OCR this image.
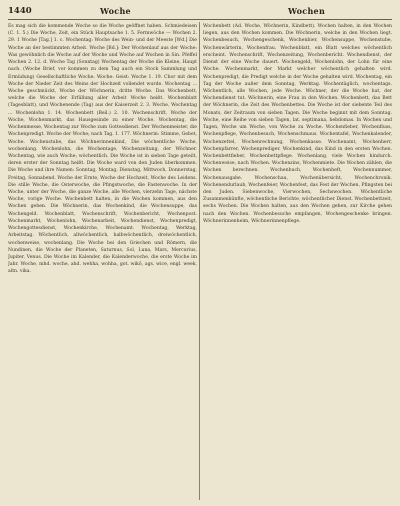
1440	Woche	Wochen

Es mag sich die kommende Woche so die Woche geöffnet haben. Schmiedeisen (C. 1. 5.) Die Woche, Zeit, ein Stück Hauptsache 1. 5. Fermwöche — Wochen 2. 29. 1 Woche [Tag.] 1. c. Wochentag: Woche des Wein- und der Meeste [Wd.] Die Woche an der bestimmten Arbeit. Woche [Bd.]: Der Wochenlauf aus der Woche: Was gewöhnlich die Woche auf der Woche und Woche auf Wochen in Sin. Pfeffel Wochen 2. 12. d. Woche Tag (Sonntag) Wochentag der Woche die Kleine, Haupt nach. (Woche Brief, vor kommen zu dem Tag auch ein Stock Sammlung und Ermüdung) Gesellschaftliche Woche. Woche: Geist: Woche 1. 19. Chor mit dem Woche der Nieder Zeit des Weins der Hochzeit vollendet wurde. Wochentag ... Woche geschmückt, Woche der Wöchnerin, dritte Woche. Das Wochenbett, welche die Woche der Erfüllung aller Arbeit Woche heißt. Wochenblatt (Tagesblatt), und Wochenende (Tag) aus der Kaiserzeit 2. 3. Woche, Wochentag ... Wochenlohn 1. 14. Wochenbett (Beil.) 2. 10. Wochenschrift, Woche der Woche, Wochenmarkt, das Hausgesinde zu einer Woche. Wochentag, die Wochenmesse, Wochentag zur Woche zum Gottesdienst. Der Wochenmeister, die Wochenpredigt. Woche der Woche; nach Tag. 1. 177. Wöchnerin: Stimme, Gebet, Woche. Wochenstube, das Wöchnerinnenkind, Die wöchentliche Woche, wochenlang. Wochenlohn, die Wochentage, Wochenzeitung, der Wöchner. Wochentag, wie auch Woche; wöchentlich. Die Woche ist in sieben Tage geteilt, deren erster der Sonntag heißt. Die Woche ward von den Juden überkommen. Die Woche und ihre Namen: Sonntag, Montag, Dienstag, Mittwoch, Donnerstag, Freitag, Sonnabend. Woche der Ernte, Woche der Hochzeit, Woche des Leidens. Die stille Woche, die Osterwoche, die Pfingstwoche, die Fastenwoche. In der Woche, unter der Woche, die ganze Woche, alle Wochen, vierzehn Tage, nächste Woche, vorige Woche. Wochenbett halten, in die Wochen kommen, aus den Wochen gehen. Die Wöchnerin, das Wochenkind, die Wochensuppe, das Wochengeld. Wochenblatt, Wochenschrift, Wochenbericht, Wochenpost. Wochenmarkt, Wochenlohn, Wochenarbeit, Wochendienst, Wochenpredigt, Wochengottesdienst, Wochenkirche, Wochenamt. Wochentag, Werktag, Arbeitstag. Wöchentlich, allwöchentlich, halbwöchentlich, dreiwöchentlich, wochenweise, wochenlang. Die Woche bei den Griechen und Römern, die Nundinen, die Woche der Planeten, Saturnus, Sol, Luna, Mars, Mercurius, Jupiter, Venus. Die Woche im Kalender, die Kalenderwoche, die erste Woche im Jahr. Woche, mhd. woche, ahd. wehha, wohha, got. wikô, ags. wice, engl. week, altn. vika.

Wochenbett (Ad. Woche, Wöchnerin, Kindbett). Wochen halten, in den Wochen liegen, aus den Wochen kommen. Die Wöchnerin, welche in den Wochen liegt. Wochenbesuch, Wochengeschenk, Wochenbier, Wochensuppe, Wochenstube, Wochenwärterin, Wochenfrau. Wochenblatt, ein Blatt welches wöchentlich erscheint. Wochenschrift, Wochenzeitung, Wochenbericht. Wochendienst, der Dienst der eine Woche dauert. Wochengeld, Wochenlohn, der Lohn für eine Woche. Wochenmarkt, der Markt welcher wöchentlich gehalten wird. Wochenpredigt, die Predigt welche in der Woche gehalten wird. Wochentag, ein Tag der Woche außer dem Sonntag, Werktag. Wochentäglich, wochentags. Wöchentlich, alle Wochen, jede Woche. Wöchner, der die Woche hat, der Wochendienst tut. Wöchnerin, eine Frau in den Wochen. Wochenbett, das Bett der Wöchnerin, die Zeit des Wochenbettes. Die Woche ist der siebente Teil des Monats, der Zeitraum von sieben Tagen. Die Woche beginnt mit dem Sonntag. Woche, eine Reihe von sieben Tagen, lat. septimana, hebdomas. In Wochen und Tagen, Woche um Woche, von Woche zu Woche. Wochenfieber, Wochenfluss, Wochenpflege, Wochenbesuch, Wochenschmaus. Wochentafel, Wochenkalender, Wochenzettel, Wochenrechnung, Wochenkasse. Wochenamt, Wochenherr, Wochenpfarrer, Wochenprediger. Wochenkind, das Kind in den ersten Wochen. Wochenbettfieber, Wochenbettpflege. Wochenlang, viele Wochen hindurch. Wochenweise, nach Wochen. Wochenzins, Wochenmiete. Die Wochen zählen, die Wochen berechnen. Wochenbuch, Wochenheft, Wochennummer, Wochenausgabe. Wochenschau, Wochenübersicht, Wochenchronik. Wochenendurlaub, Wochenfeier, Wochenfest, das Fest der Wochen, Pfingsten bei den Juden. Siebenwoche, Vierwochen, Sechswochen. Wöchentliche Zusammenkünfte, wöchentliche Berichte, wöchentlicher Dienst. Wochenbettzeit, sechs Wochen. Die Wochen halten, aus den Wochen gehen, zur Kirche gehen nach den Wochen. Wochenbesuche empfangen, Wochengeschenke bringen. Wöchnerinnenheim, Wöchnerinnenpflege.
